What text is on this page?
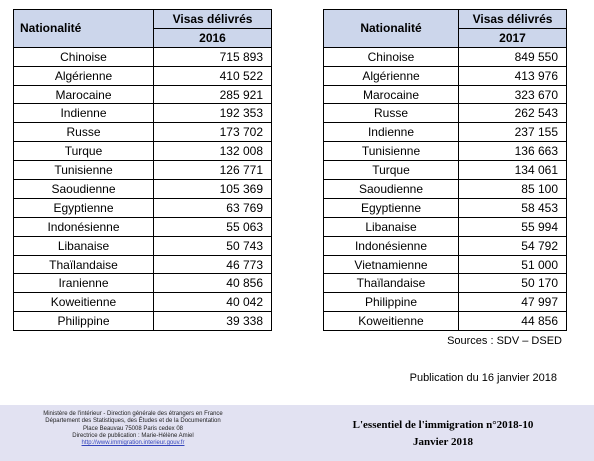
Nationalité	Visas délivrés
	2016
Chinoise	715 893
Algérienne	410 522
Marocaine	285 921
Indienne	192 353
Russe	173 702
Turque	132 008
Tunisienne	126 771
Saoudienne	105 369
Egyptienne	63 769
Indonésienne	55 063
Libanaise	50 743
Thaïlandaise	46 773
Iranienne	40 856
Koweitienne	40 042
Philippine	39 338
Nationalité	Visas délivrés
	2017
Chinoise	849 550
Algérienne	413 976
Marocaine	323 670
Russe	262 543
Indienne	237 155
Tunisienne	136 663
Turque	134 061
Saoudienne	85 100
Egyptienne	58 453
Libanaise	55 994
Indonésienne	54 792
Vietnamienne	51 000
Thaïlandaise	50 170
Philippine	47 997
Koweitienne	44 856
Sources : SDV – DSED
Publication du 16 janvier 2018
Ministère de l'intérieur - Direction générale des étrangers en France
Département des Statistiques, des Études et de la Documentation
Place Beauvau 75008 Paris cedex 08
Directrice de publication : Marie-Hélène Amiel
http://www.immigration.interieur.gouv.fr
L'essentiel de l'immigration n°2018-10
Janvier 2018
